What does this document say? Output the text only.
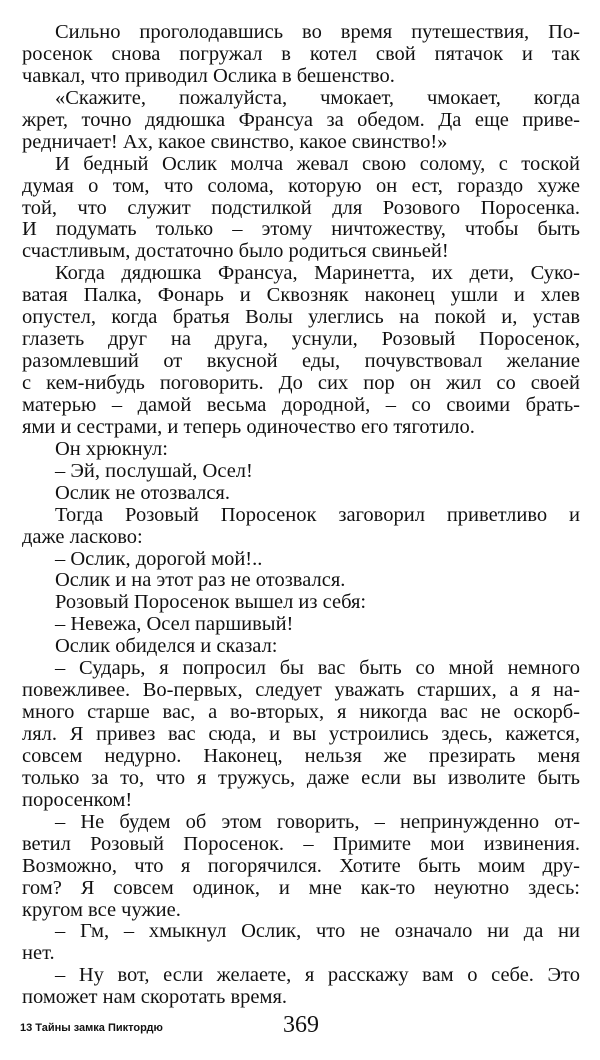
Сильно проголодавшись во время путешествия, По-
росенок снова погружал в котел свой пятачок и так
чавкал, что приводил Ослика в бешенство.
«Скажите, пожалуйста, чмокает, чмокает, когда
жрет, точно дядюшка Франсуа за обедом. Да еще приве-
редничает! Ах, какое свинство, какое свинство!»
И бедный Ослик молча жевал свою солому, с тоской
думая о том, что солома, которую он ест, гораздо хуже
той, что служит подстилкой для Розового Поросенка.
И подумать только – этому ничтожеству, чтобы быть
счастливым, достаточно было родиться свиньей!
Когда дядюшка Франсуа, Маринетта, их дети, Суко-
ватая Палка, Фонарь и Сквозняк наконец ушли и хлев
опустел, когда братья Волы улеглись на покой и, устав
глазеть друг на друга, уснули, Розовый Поросенок,
разомлевший от вкусной еды, почувствовал желание
с кем-нибудь поговорить. До сих пор он жил со своей
матерью – дамой весьма дородной, – со своими брать-
ями и сестрами, и теперь одиночество его тяготило.
Он хрюкнул:
– Эй, послушай, Осел!
Ослик не отозвался.
Тогда Розовый Поросенок заговорил приветливо и
даже ласково:
– Ослик, дорогой мой!..
Ослик и на этот раз не отозвался.
Розовый Поросенок вышел из себя:
– Невежа, Осел паршивый!
Ослик обиделся и сказал:
– Сударь, я попросил бы вас быть со мной немного
повежливее. Во-первых, следует уважать старших, а я на-
много старше вас, а во-вторых, я никогда вас не оскорб-
лял. Я привез вас сюда, и вы устроились здесь, кажется,
совсем недурно. Наконец, нельзя же презирать меня
только за то, что я тружусь, даже если вы изволите быть
поросенком!
– Не будем об этом говорить, – непринужденно от-
ветил Розовый Поросенок. – Примите мои извинения.
Возможно, что я погорячился. Хотите быть моим дру-
гом? Я совсем одинок, и мне как-то неуютно здесь:
кругом все чужие.
– Гм, – хмыкнул Ослик, что не означало ни да ни
нет.
– Ну вот, если желаете, я расскажу вам о себе. Это
поможет нам скоротать время.
13 Тайны замка Пиктордю	369
